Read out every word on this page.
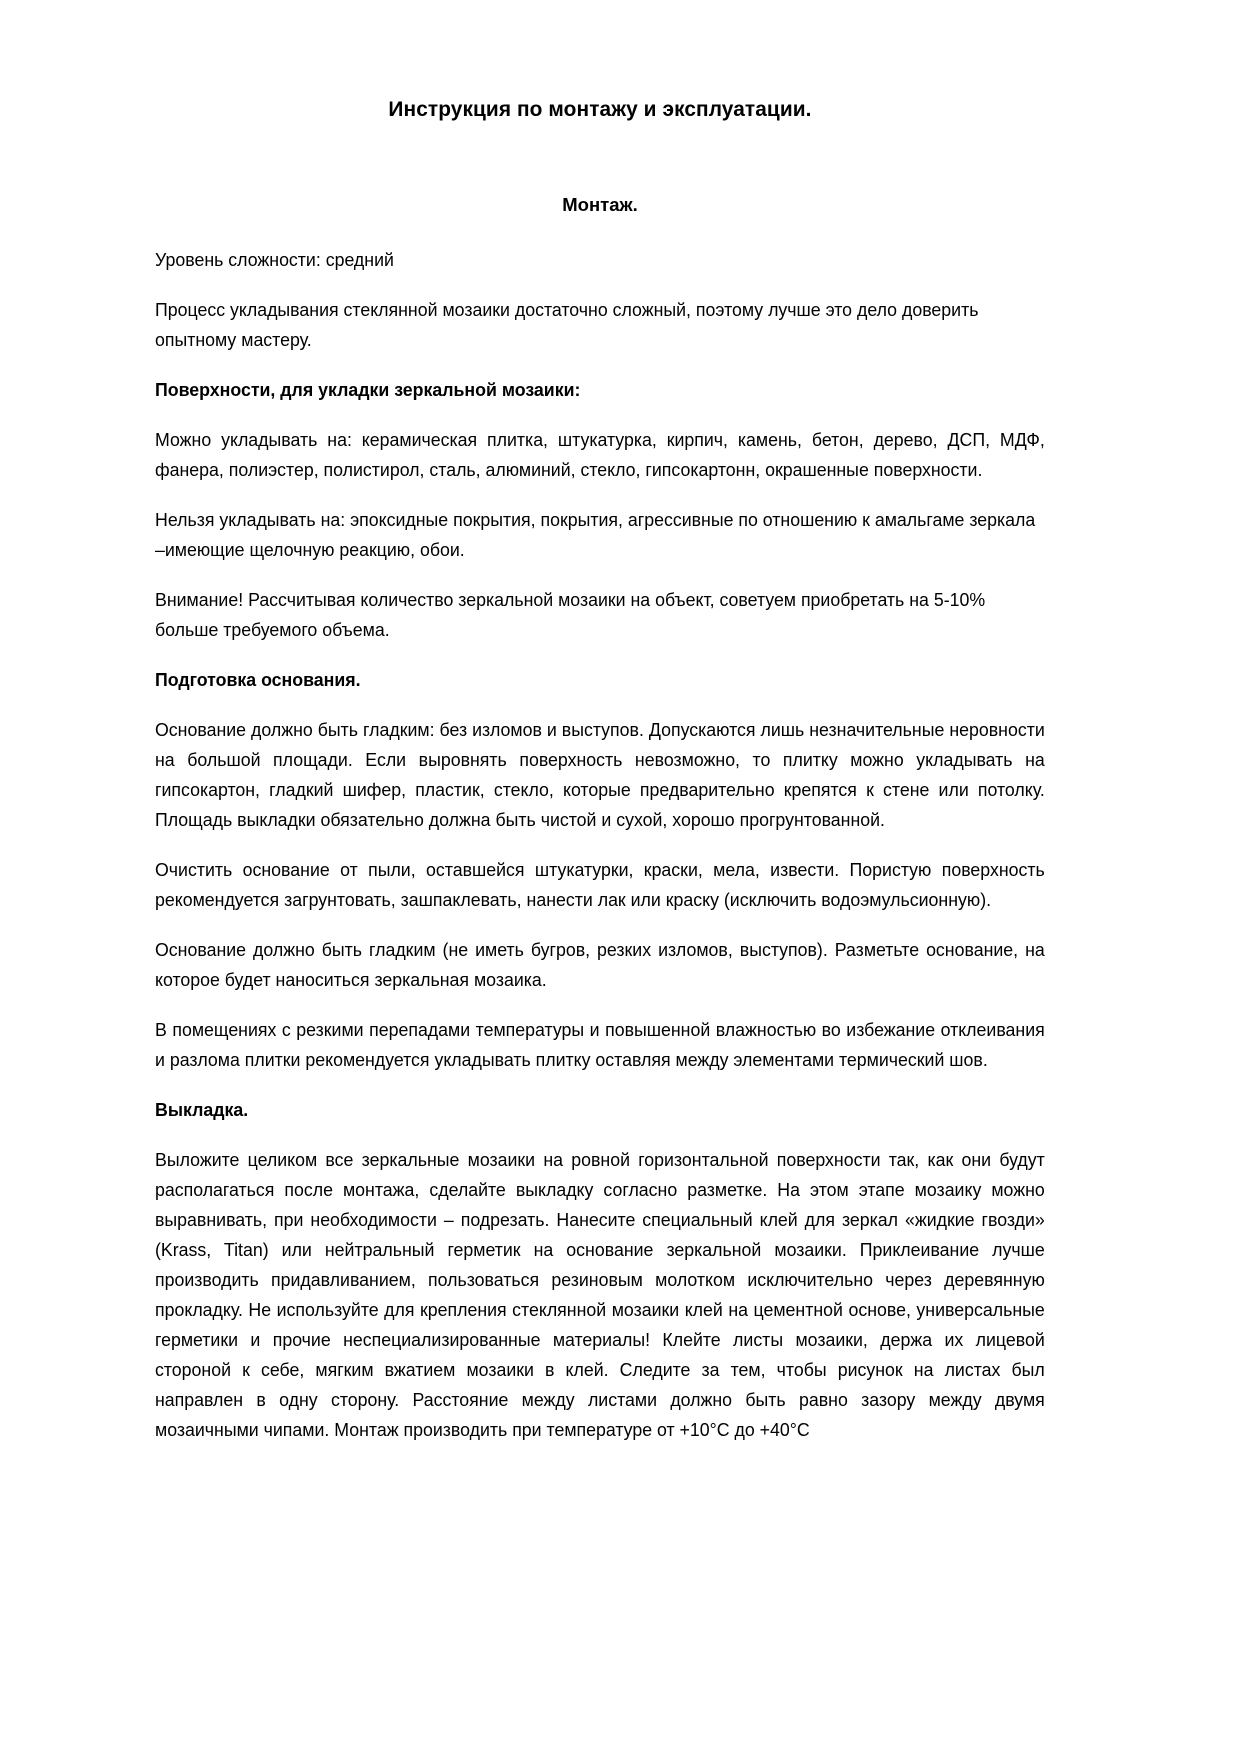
Инструкция по монтажу и эксплуатации.
Монтаж.

Уровень сложности: средний

Процесс укладывания стеклянной мозаики достаточно сложный, поэтому лучше это дело доверить опытному мастеру.

Поверхности, для укладки зеркальной мозаики:

Можно укладывать на: керамическая плитка, штукатурка, кирпич, камень, бетон, дерево, ДСП, МДФ, фанера, полиэстер, полистирол, сталь, алюминий, стекло, гипсокартонн, окрашенные поверхности.

Нельзя укладывать на: эпоксидные покрытия, покрытия, агрессивные по отношению к амальгаме зеркала –имеющие щелочную реакцию, обои.

Внимание! Рассчитывая количество зеркальной мозаики на объект, советуем приобретать на 5-10% больше требуемого объема.

Подготовка основания.

Основание должно быть гладким: без изломов и выступов. Допускаются лишь незначительные неровности на большой площади. Если выровнять поверхность невозможно, то плитку можно укладывать на гипсокартон, гладкий шифер, пластик, стекло, которые предварительно крепятся к стене или потолку. Площадь выкладки обязательно должна быть чистой и сухой, хорошо прогрунтованной.

Очистить основание от пыли, оставшейся штукатурки, краски, мела, извести. Пористую поверхность рекомендуется загрунтовать, зашпаклевать, нанести лак или краску (исключить водоэмульсионную).

Основание должно быть гладким (не иметь бугров, резких изломов, выступов). Разметьте основание, на которое будет наноситься зеркальная мозаика.

В помещениях с резкими перепадами температуры и повышенной влажностью во избежание отклеивания и разлома плитки рекомендуется укладывать плитку оставляя между элементами термический шов.

Выкладка.

Выложите целиком все зеркальные мозаики на ровной горизонтальной поверхности так, как они будут располагаться после монтажа, сделайте выкладку согласно разметке. На этом этапе мозаику можно выравнивать, при необходимости – подрезать. Нанесите специальный клей для зеркал «жидкие гвозди» (Krass, Titan) или нейтральный герметик на основание зеркальной мозаики. Приклеивание лучше производить придавливанием, пользоваться резиновым молотком исключительно через деревянную прокладку. Не используйте для крепления стеклянной мозаики клей на цементной основе, универсальные герметики и прочие неспециализированные материалы! Клейте листы мозаики, держа их лицевой стороной к себе, мягким вжатием мозаики в клей. Следите за тем, чтобы рисунок на листах был направлен в одну сторону. Расстояние между листами должно быть равно зазору между двумя мозаичными чипами. Монтаж производить при температуре от +10°C до +40°C
